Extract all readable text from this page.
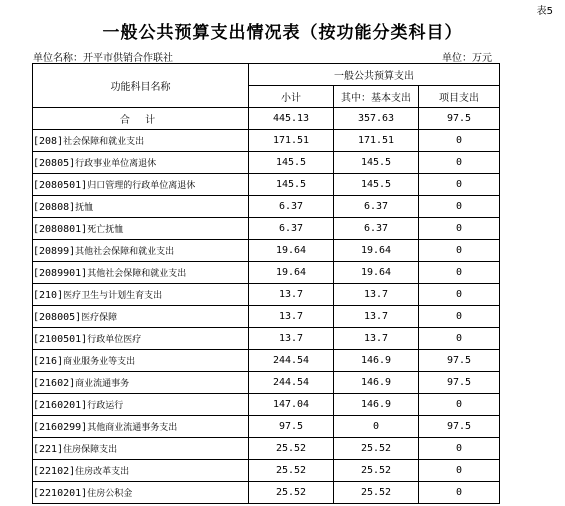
表5
一般公共预算支出情况表（按功能分类科目）
单位名称：开平市供销合作联社	单位：万元
功能科目名称	一般公共预算支出		
	小计	其中：基本支出	项目支出
合 计	445.13	357.63	97.5
[208]社会保障和就业支出	171.51	171.51	0
[20805]行政事业单位离退休	145.5	145.5	0
[2080501]归口管理的行政单位离退休	145.5	145.5	0
[20808]抚恤	6.37	6.37	0
[2080801]死亡抚恤	6.37	6.37	0
[20899]其他社会保障和就业支出	19.64	19.64	0
[2089901]其他社会保障和就业支出	19.64	19.64	0
[210]医疗卫生与计划生育支出	13.7	13.7	0
[208005]医疗保障	13.7	13.7	0
[2100501]行政单位医疗	13.7	13.7	0
[216]商业服务业等支出	244.54	146.9	97.5
[21602]商业流通事务	244.54	146.9	97.5
[2160201]行政运行	147.04	146.9	0
[2160299]其他商业流通事务支出	97.5	0	97.5
[221]住房保障支出	25.52	25.52	0
[22102]住房改革支出	25.52	25.52	0
[2210201]住房公积金	25.52	25.52	0
